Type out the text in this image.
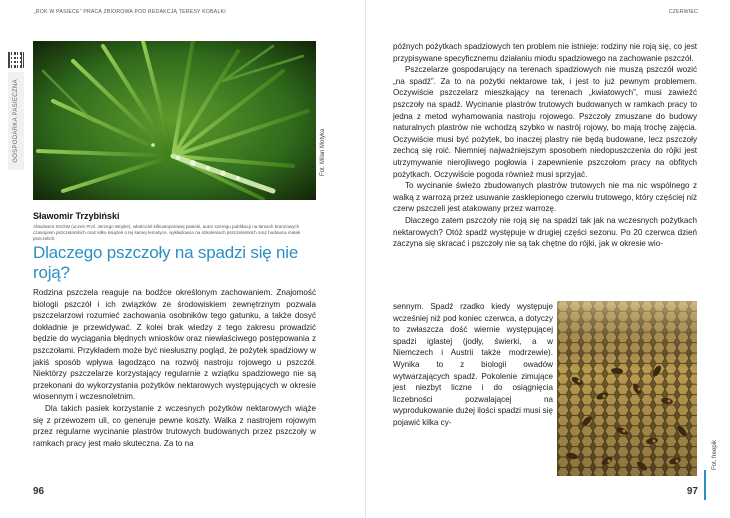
„ROK W PASIECE” PRACA ZBIOROWA POD REDAKCJĄ TERESY KOBALKI
GOSPODARKA PASIECZNA	Fot. Milan Motyka
Sławomir Trzybiński
Absolwent SGGW (uczeń Prof. Jerzego Woyke), właściciel kilkustopniowej pasieki, autor szeregu publikacji na łamach branżowych czasopism pszczelarskich oraz kilku książek o tej samej tematyce, wykładowca na szkoleniach pszczelarskich oraz hodowca matek pszczelich.
Dlaczego pszczoły na spadzi się nie roją?

Rodzina pszczela reaguje na bodźce określonym zachowaniem. Znajomość biologii pszczół i ich związków ze środowiskiem zewnętrznym pozwala pszczelarzowi rozumieć zachowania osobników tego gatunku, a także dosyć dokładnie je przewidywać. Z kolei brak wiedzy z tego zakresu prowadzić będzie do wyciągania błędnych wniosków oraz niewłaściwego postępowania z pszczołami. Przykładem może być niesłuszny pogląd, że pożytek spadziowy w jakiś sposób wpływa łagodząco na rozwój nastroju rojowego u pszczół. Niektórzy pszczelarze korzystający regularnie z wziątku spadziowego nie są przekonani do wykorzystania pożytków nektarowych występujących w okresie wiosennym i wczesnoletnim.

Dla takich pasiek korzystanie z wczesnych pożytków nektarowych wiąże się z przewozem uli, co generuje pewne koszty. Walka z nastrojem rojowym przez regularne wycinanie plastrów trutowych budowanych przez pszczoły w ramkach pracy jest mało skuteczna. Za to na

96
CZERWIEC
97

późnych pożytkach spadziowych ten problem nie istnieje: rodziny nie roją się, co jest przypisywane specyficznemu działaniu miodu spadziowego na zachowanie pszczół.

Pszczelarze gospodarujący na terenach spadziowych nie muszą pszczół wozić „na spadź”. Za to na pożytki nektarowe tak, i jest to już pewnym problemem. Oczywiście pszczelarz mieszkający na terenach „kwiatowych”, musi zawieźć pszczoły na spadź. Wycinanie plastrów trutowych budowanych w ramkach pracy to jedna z metod wyhamowania nastroju rojowego. Pszczoły zmuszane do budowy naturalnych plastrów nie wchodzą szybko w nastrój rojowy, bo mają trochę zajęcia. Oczywiście musi być pożytek, bo inaczej plastry nie będą budowane, lecz pszczoły zechcą się roić. Niemniej najważniejszym sposobem niedopuszczenia do rójki jest utrzymywanie nierojliwego pogłowia i zapewnienie pszczołom pracy na obfitych pożytkach. Oczywiście pogoda również musi sprzyjać.

To wycinanie świeżo zbudowanych plastrów trutowych nie ma nic wspólnego z walką z warrozą przez usuwanie zasklepionego czerwiu trutowego, który częściej niż czerw pszczeli jest atakowany przez warrozę.

Dlaczego zatem pszczoły nie roją się na spadzi tak jak na wczesnych pożytkach nektarowych? Otóż spadź występuje w drugiej części sezonu. Po 20 czerwca dzień zaczyna się skracać i pszczoły nie są tak chętne do rójki, jak w okresie wio-

sennym. Spadź rzadko kiedy występuje wcześniej niż pod koniec czerwca, a dotyczy to zwłaszcza dość wiernie występującej spadzi iglastej (jodły, świerki, a w Niemczech i Austrii także modrzewie). Wynika to z biologii owadów wytwarzających spadź. Pokolenie zimujące jest niezbyt liczne i do osiągnięcia liczebności pozwalającej na wyprodukowanie dużej ilości spadzi musi się pojawić kilka cy-

Fot. freepik
